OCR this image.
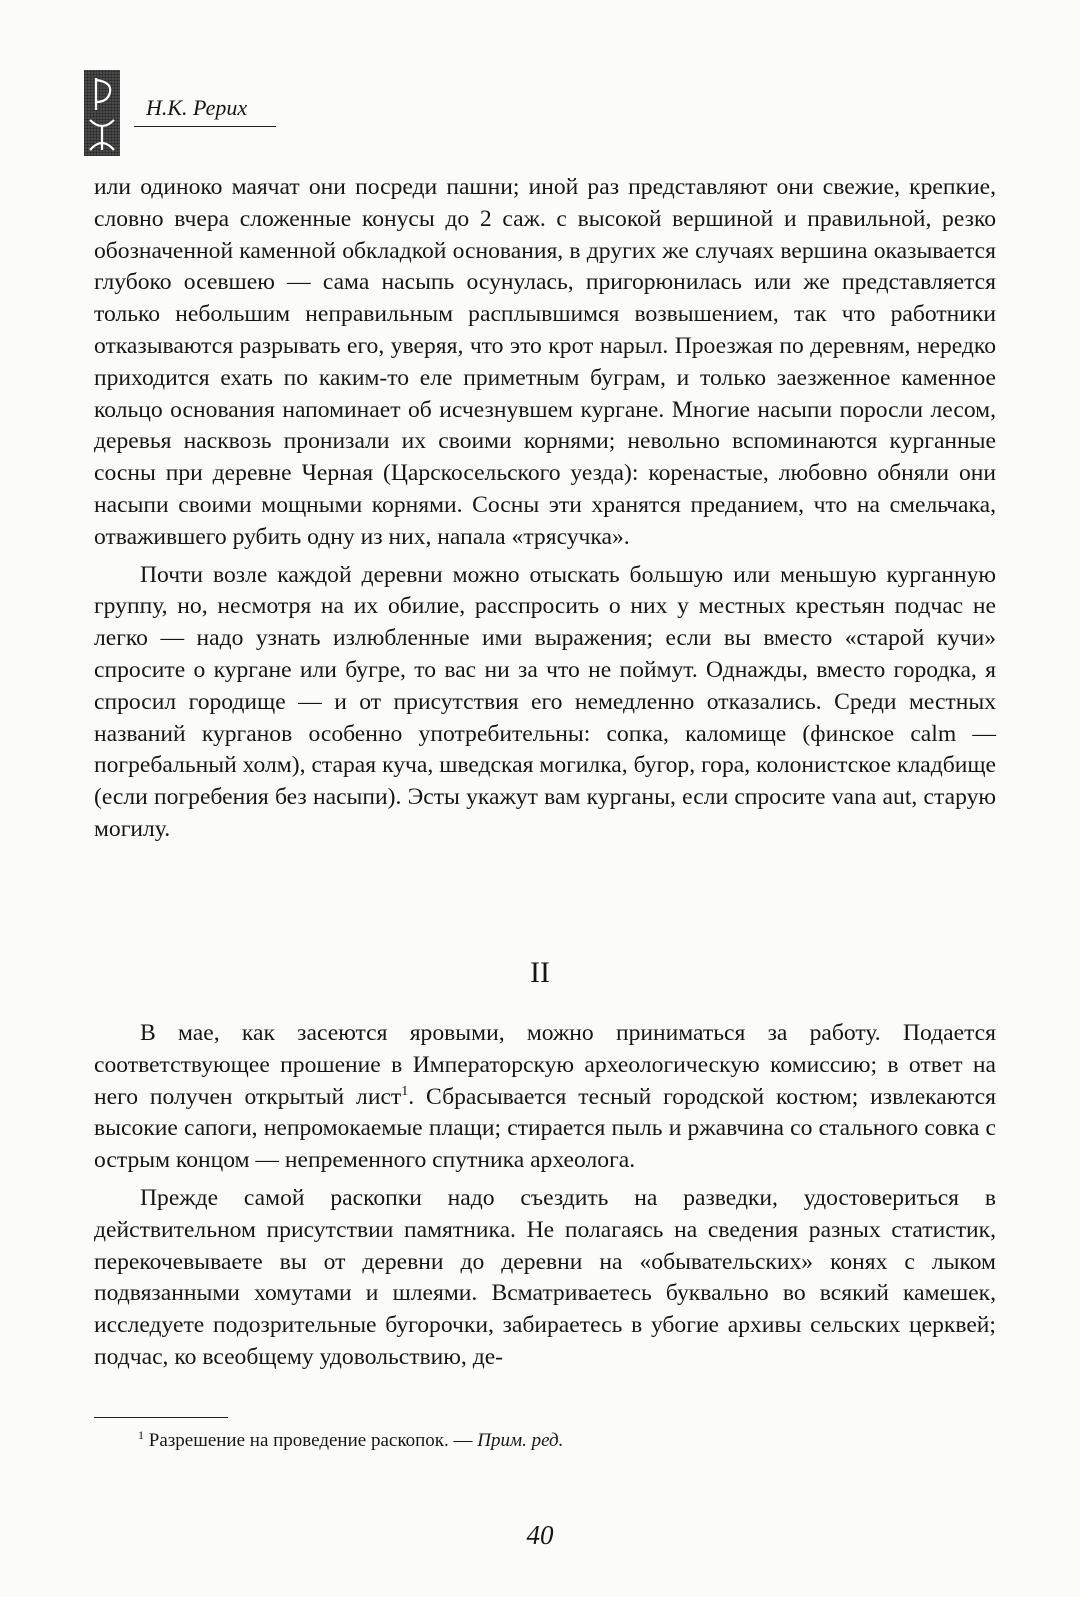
Н.К. Рерих

или одиноко маячат они посреди пашни; иной раз представляют они свежие, крепкие, словно вчера сложенные конусы до 2 саж. с высокой вершиной и правильной, резко обозначенной каменной обкладкой основания, в других же случаях вершина оказывается глубоко осевшею — сама насыпь осунулась, пригорюнилась или же представляется только небольшим неправильным расплывшимся возвышением, так что работники отказываются разрывать его, уверяя, что это крот нарыл. Проезжая по деревням, нередко приходится ехать по каким-то еле приметным буграм, и только заезженное каменное кольцо основания напоминает об исчезнувшем кургане. Многие насыпи поросли лесом, деревья насквозь пронизали их своими корнями; невольно вспоминаются курганные сосны при деревне Черная (Царскосельского уезда): коренастые, любовно обняли они насыпи своими мощными корнями. Сосны эти хранятся преданием, что на смельчака, отважившего рубить одну из них, напала «трясучка».

Почти возле каждой деревни можно отыскать большую или меньшую курганную группу, но, несмотря на их обилие, расспросить о них у местных крестьян подчас не легко — надо узнать излюбленные ими выражения; если вы вместо «старой кучи» спросите о кургане или бугре, то вас ни за что не поймут. Однажды, вместо городка, я спросил городище — и от присутствия его немедленно отказались. Среди местных названий курганов особенно употребительны: сопка, каломище (финское calm — погребальный холм), старая куча, шведская могилка, бугор, гора, колонистское кладбище (если погребения без насыпи). Эсты укажут вам курганы, если спросите vana aut, старую могилу.

II

В мае, как засеются яровыми, можно приниматься за работу. Подается соответствующее прошение в Императорскую археологическую комиссию; в ответ на него получен открытый лист$^1$. Сбрасывается тесный городской костюм; извлекаются высокие сапоги, непромокаемые плащи; стирается пыль и ржавчина со стального совка с острым концом — непременного спутника археолога.

Прежде самой раскопки надо съездить на разведки, удостовериться в действительном присутствии памятника. Не полагаясь на сведения разных статистик, перекочевываете вы от деревни до деревни на «обывательских» конях с лыком подвязанными хомутами и шлеями. Всматриваетесь буквально во всякий камешек, исследуете подозрительные бугорочки, забираетесь в убогие архивы сельских церквей; подчас, ко всеобщему удовольствию, де-

$^1$ Разрешение на проведение раскопок. — Прим. ред.
40
